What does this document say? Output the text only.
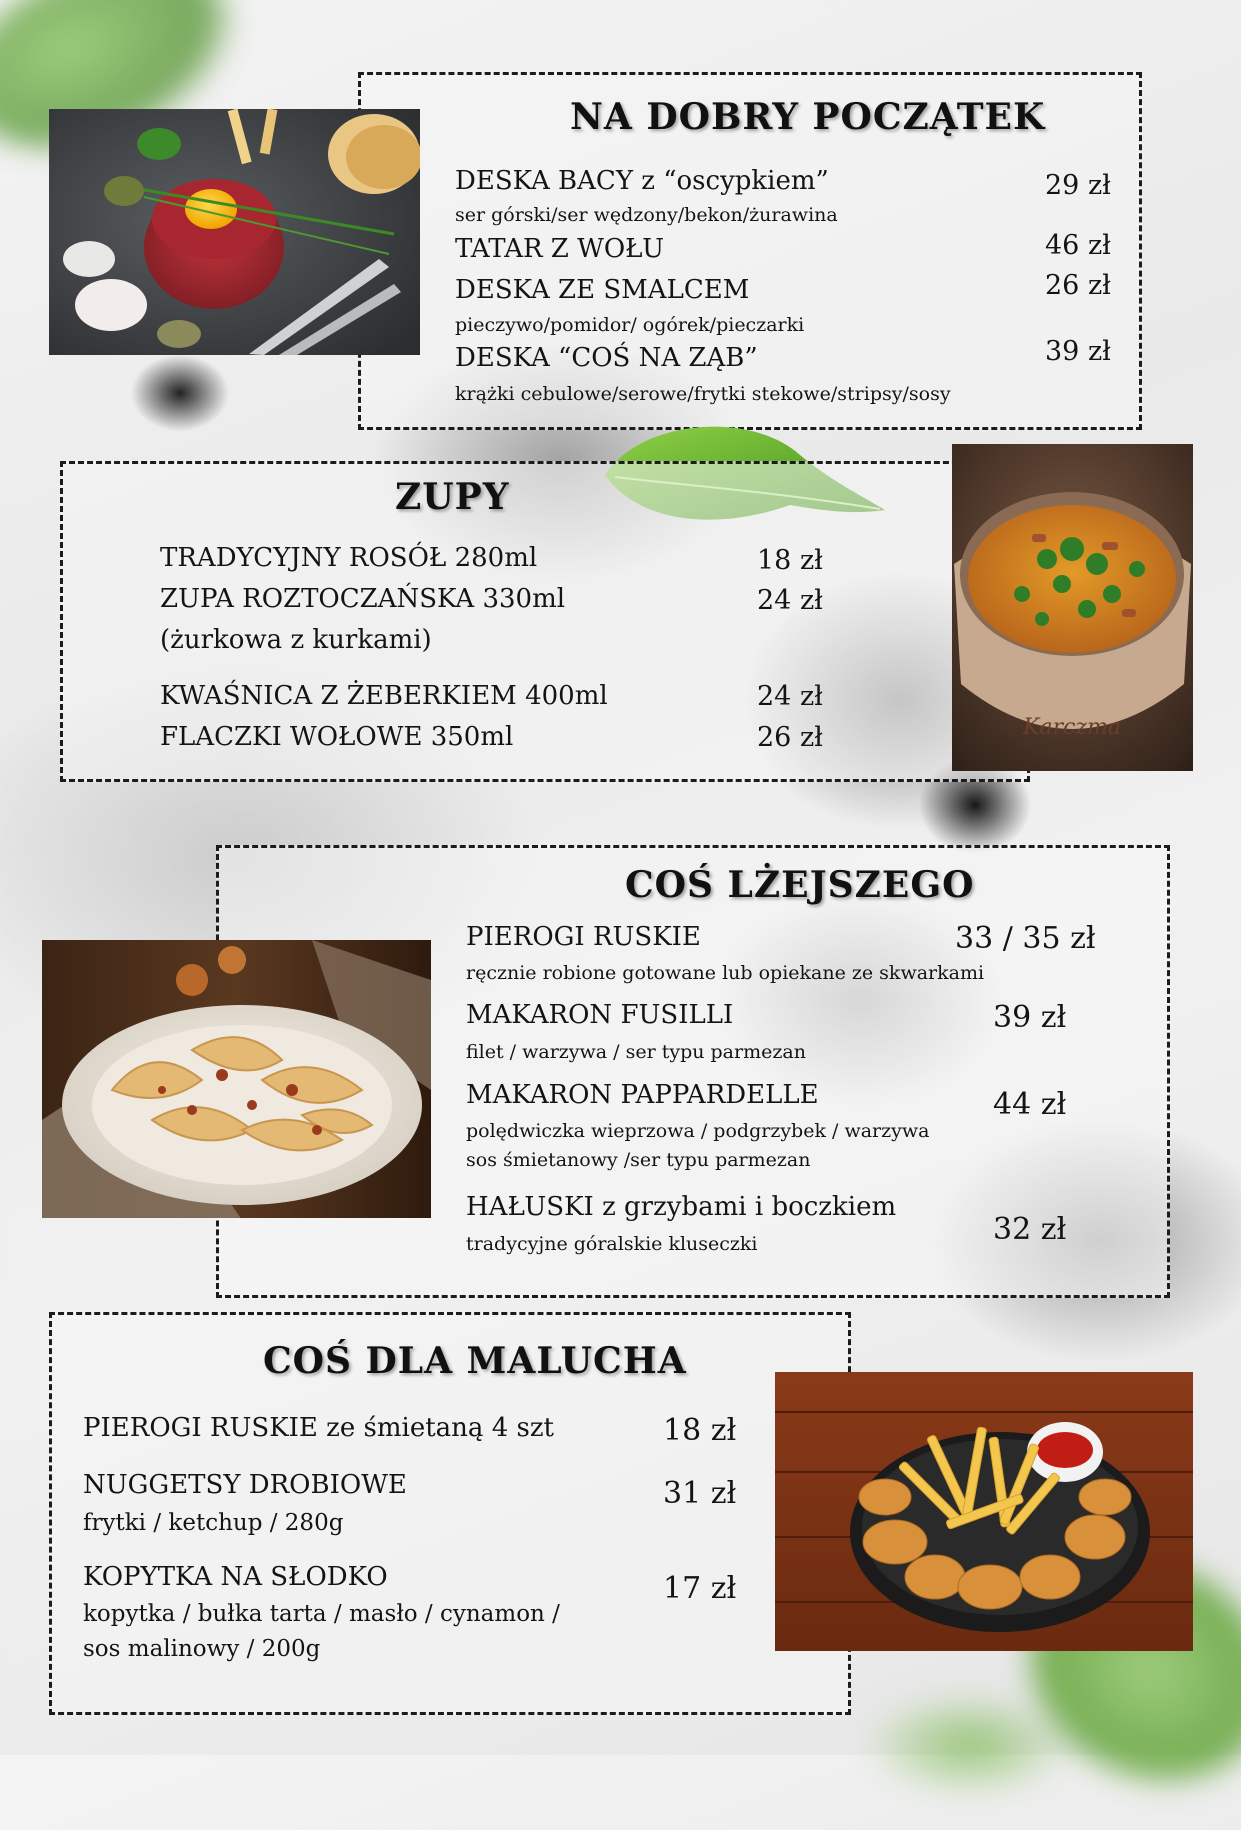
NA DOBRY POCZĄTEK
DESKA BACY z “oscypkiem”
ser górski/ser wędzony/bekon/żurawina
29 zł
TATAR Z WOŁU	46 zł
DESKA ZE SMALCEM
pieczywo/pomidor/ ogórek/pieczarki
26 zł
DESKA “COŚ NA ZĄB”
krążki cebulowe/serowe/frytki stekowe/stripsy/sosy
39 zł
ZUPY
TRADYCYJNY ROSÓŁ 280ml	18 zł
ZUPA ROZTOCZAŃSKA 330ml
(żurkowa z kurkami)
24 zł
KWAŚNICA Z ŻEBERKIEM 400ml	24 zł
FLACZKI WOŁOWE 350ml	26 zł	Karczma
COŚ LŻEJSZEGO
PIEROGI RUSKIE
ręcznie robione gotowane lub opiekane ze skwarkami
33 / 35 zł
MAKARON FUSILLI
filet / warzywa / ser typu parmezan
39 zł
MAKARON PAPPARDELLE
polędwiczka wieprzowa / podgrzybek / warzywa
sos śmietanowy /ser typu parmezan
44 zł
HAŁUSKI z grzybami i boczkiem
tradycyjne góralskie kluseczki	32 zł
COŚ DLA MALUCHA
PIEROGI RUSKIE ze śmietaną 4 szt	18 zł
NUGGETSY DROBIOWE
frytki / ketchup / 280g
31 zł
KOPYTKA NA SŁODKO
kopytka / bułka tarta / masło / cynamon /
sos malinowy / 200g
17 zł
